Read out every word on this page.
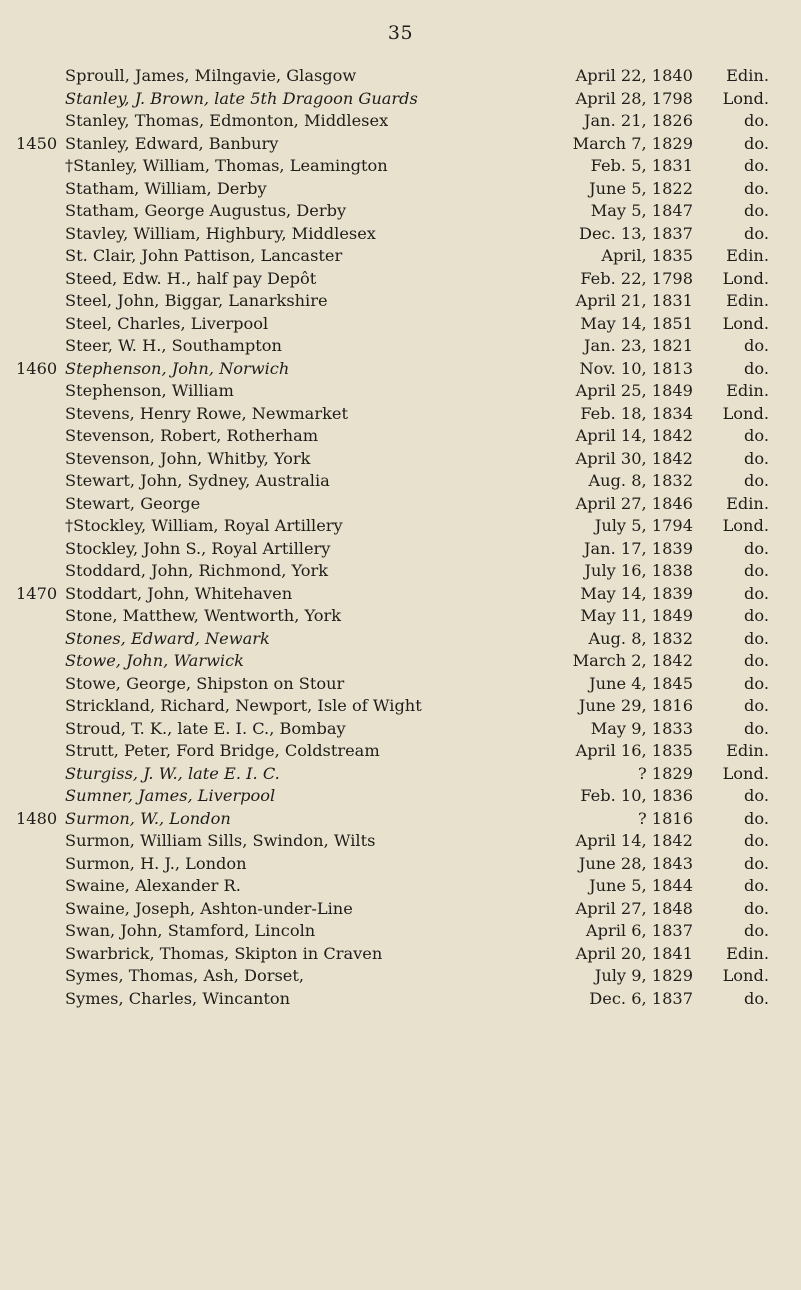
35
Sproull, James, Milngavie, Glasgow	April 22, 1840	Edin.
Stanley, J. Brown, late 5th Dragoon Guards	April 28, 1798	Lond.
Stanley, Thomas, Edmonton, Middlesex	Jan. 21, 1826	do.
1450 Stanley, Edward, Banbury	March 7, 1829	do.
†Stanley, William, Thomas, Leamington	Feb. 5, 1831	do.
Statham, William, Derby	June 5, 1822	do.
Statham, George Augustus, Derby	May 5, 1847	do.
Stavley, William, Highbury, Middlesex	Dec. 13, 1837	do.
St. Clair, John Pattison, Lancaster	April, 1835	Edin.
Steed, Edw. H., half pay Depôt	Feb. 22, 1798	Lond.
Steel, John, Biggar, Lanarkshire	April 21, 1831	Edin.
Steel, Charles, Liverpool	May 14, 1851	Lond.
Steer, W. H., Southampton	Jan. 23, 1821	do.
1460 Stephenson, John, Norwich	Nov. 10, 1813	do.
Stephenson, William	April 25, 1849	Edin.
Stevens, Henry Rowe, Newmarket	Feb. 18, 1834	Lond.
Stevenson, Robert, Rotherham	April 14, 1842	do.
Stevenson, John, Whitby, York	April 30, 1842	do.
Stewart, John, Sydney, Australia	Aug. 8, 1832	do.
Stewart, George	April 27, 1846	Edin.
†Stockley, William, Royal Artillery	July 5, 1794	Lond.
Stockley, John S., Royal Artillery	Jan. 17, 1839	do.
Stoddard, John, Richmond, York	July 16, 1838	do.
1470 Stoddart, John, Whitehaven	May 14, 1839	do.
Stone, Matthew, Wentworth, York	May 11, 1849	do.
Stones, Edward, Newark	Aug. 8, 1832	do.
Stowe, John, Warwick	March 2, 1842	do.
Stowe, George, Shipston on Stour	June 4, 1845	do.
Strickland, Richard, Newport, Isle of Wight	June 29, 1816	do.
Stroud, T. K., late E. I. C., Bombay	May 9, 1833	do.
Strutt, Peter, Ford Bridge, Coldstream	April 16, 1835	Edin.
Sturgiss, J. W., late E. I. C.	? 1829	Lond.
Sumner, James, Liverpool	Feb. 10, 1836	do.
1480 Surmon, W., London	? 1816	do.
Surmon, William Sills, Swindon, Wilts	April 14, 1842	do.
Surmon, H. J., London	June 28, 1843	do.
Swaine, Alexander R.	June 5, 1844	do.
Swaine, Joseph, Ashton-under-Line	April 27, 1848	do.
Swan, John, Stamford, Lincoln	April 6, 1837	do.
Swarbrick, Thomas, Skipton in Craven	April 20, 1841	Edin.
Symes, Thomas, Ash, Dorset,	July 9, 1829	Lond.
Symes, Charles, Wincanton	Dec. 6, 1837	do.
